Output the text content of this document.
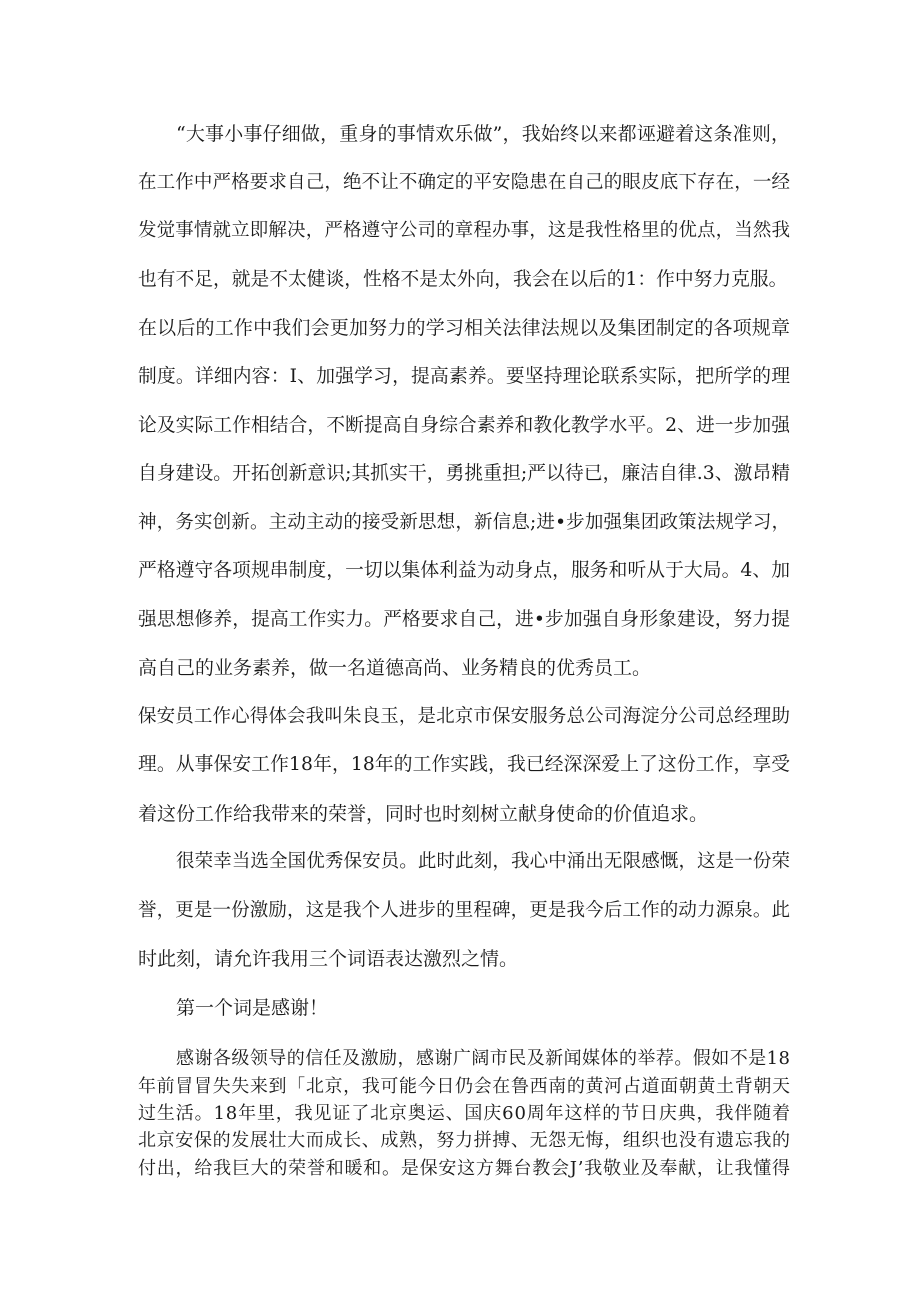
“大事小事仔细做，重身的事情欢乐做”，我始终以来都诬避着这条准则，
在工作中严格要求自己，绝不让不确定的平安隐患在自己的眼皮底下存在，一经
发觉事情就立即解决，严格遵守公司的章程办事，这是我性格里的优点，当然我
也有不足，就是不太健谈，性格不是太外向，我会在以后的1：作中努力克服。
在以后的工作中我们会更加努力的学习相关法律法规以及集团制定的各项规章
制度。详细内容：I、加强学习，提高素养。要坚持理论联系实际，把所学的理
论及实际工作相结合，不断提高自身综合素养和教化教学水平。2、进一步加强
自身建设。开拓创新意识;其抓实干，勇挑重担;严以待已，廉洁自律.3、激昂精
神，务实创新。主动主动的接受新思想，新信息;进•步加强集团政策法规学习，
严格遵守各项规串制度，一切以集体利益为动身点，服务和听从于大局。4、加
强思想修养，提高工作实力。严格要求自己，进•步加强自身形象建设，努力提
高自己的业务素养，做一名道德高尚、业务精良的优秀员工。
保安员工作心得体会我叫朱良玉，是北京市保安服务总公司海淀分公司总经理助
理。从事保安工作18年，18年的工作实践，我已经深深爱上了这份工作，享受
着这份工作给我带来的荣誉，同时也时刻树立献身使命的价值追求。
很荣幸当选全国优秀保安员。此时此刻，我心中涌出无限感慨，这是一份荣
誉，更是一份激励，这是我个人进步的里程碑，更是我今后工作的动力源泉。此
时此刻，请允许我用三个词语表达激烈之情。
第一个词是感谢！
感谢各级领导的信任及激励，感谢广阔市民及新闻媒体的举荐。假如不是18
年前冒冒失失来到「北京，我可能今日仍会在鲁西南的黄河占道面朝黄土背朝天
过生活。18年里，我见证了北京奥运、国庆60周年这样的节日庆典，我伴随着
北京安保的发展壮大而成长、成熟，努力拼搏、无怨无悔，组织也没有遗忘我的
付出，给我巨大的荣誉和暖和。是保安这方舞台教会J’我敬业及奉献，让我懂得
